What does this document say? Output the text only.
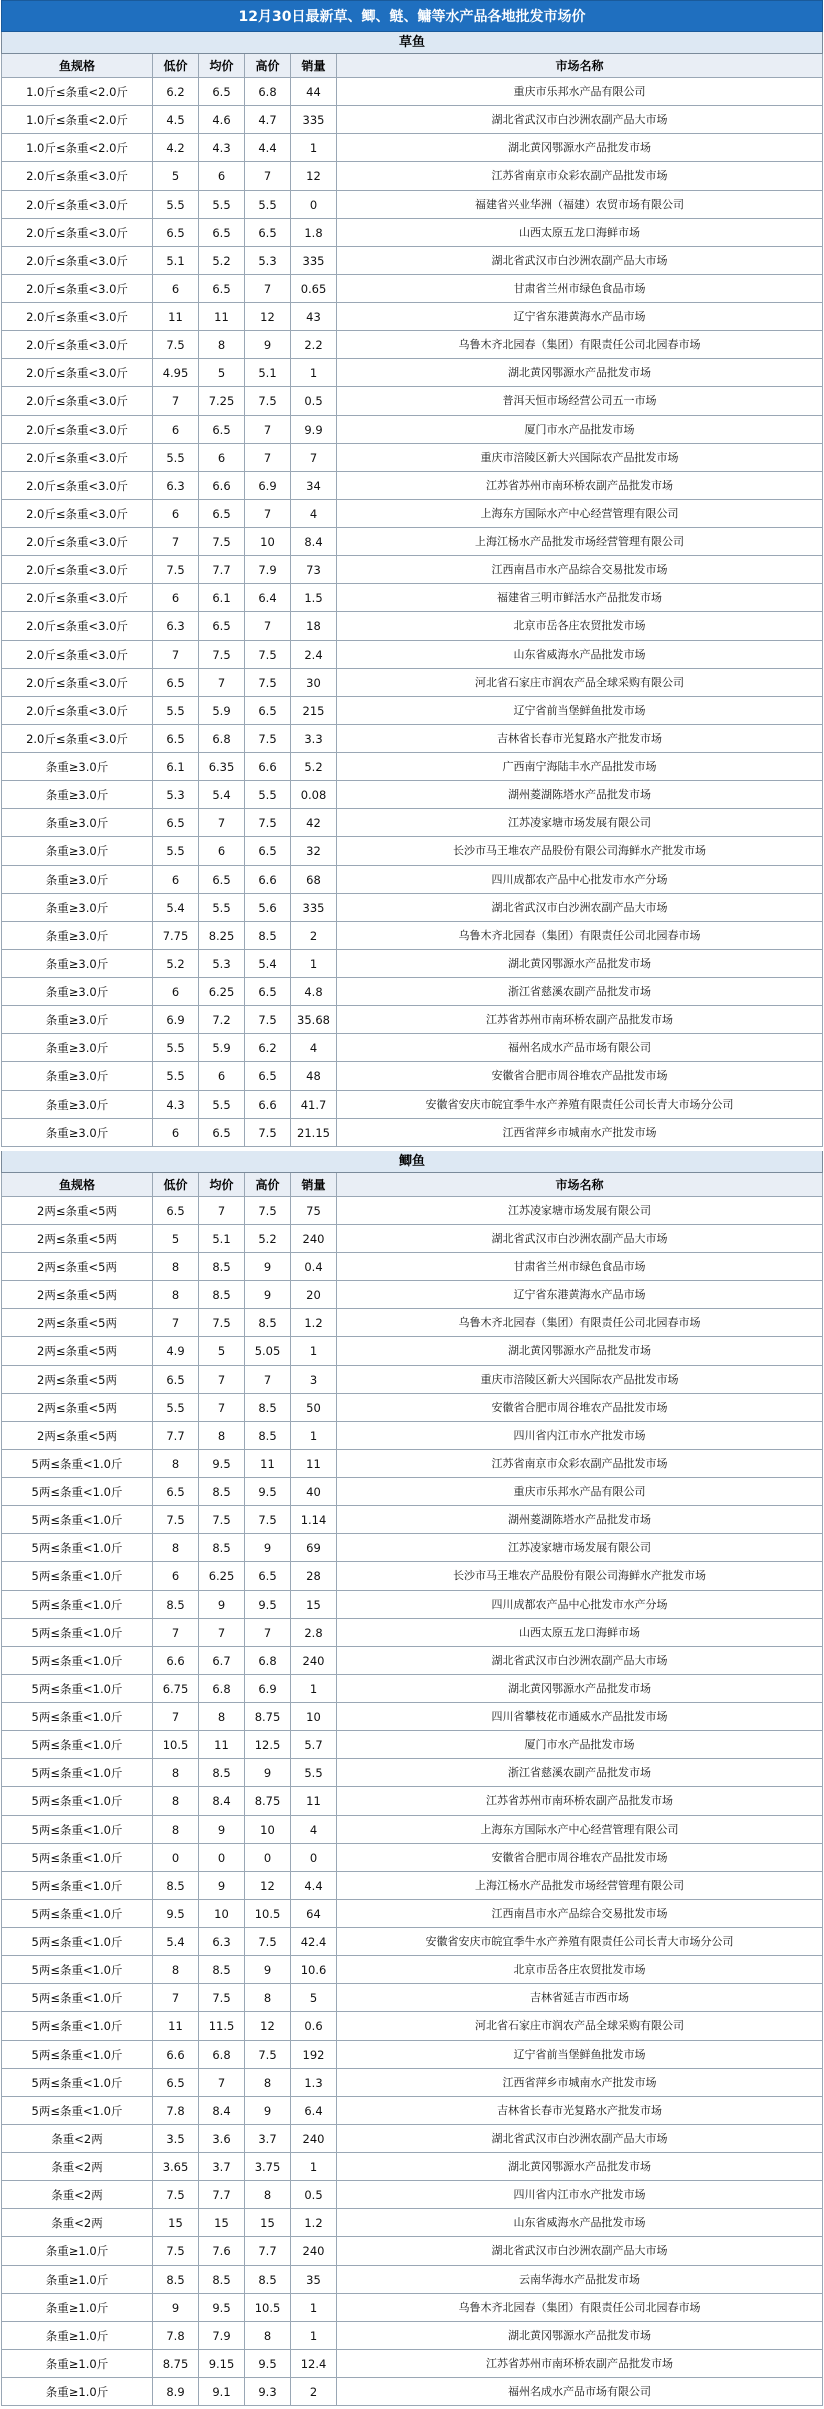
12月30日最新草、鲫、鲢、鳙等水产品各地批发市场价
草鱼
鱼规格	低价	均价	高价	销量	市场名称
1.0斤≤条重<2.0斤	6.2	6.5	6.8	44	重庆市乐邦水产品有限公司
1.0斤≤条重<2.0斤	4.5	4.6	4.7	335	湖北省武汉市白沙洲农副产品大市场
1.0斤≤条重<2.0斤	4.2	4.3	4.4	1	湖北黄冈鄂源水产品批发市场
2.0斤≤条重<3.0斤	5	6	7	12	江苏省南京市众彩农副产品批发市场
2.0斤≤条重<3.0斤	5.5	5.5	5.5	0	福建省兴业华洲（福建）农贸市场有限公司
2.0斤≤条重<3.0斤	6.5	6.5	6.5	1.8	山西太原五龙口海鲜市场
2.0斤≤条重<3.0斤	5.1	5.2	5.3	335	湖北省武汉市白沙洲农副产品大市场
2.0斤≤条重<3.0斤	6	6.5	7	0.65	甘肃省兰州市绿色食品市场
2.0斤≤条重<3.0斤	11	11	12	43	辽宁省东港黄海水产品市场
2.0斤≤条重<3.0斤	7.5	8	9	2.2	乌鲁木齐北园春（集团）有限责任公司北园春市场
2.0斤≤条重<3.0斤	4.95	5	5.1	1	湖北黄冈鄂源水产品批发市场
2.0斤≤条重<3.0斤	7	7.25	7.5	0.5	普洱天恒市场经营公司五一市场
2.0斤≤条重<3.0斤	6	6.5	7	9.9	厦门市水产品批发市场
2.0斤≤条重<3.0斤	5.5	6	7	7	重庆市涪陵区新大兴国际农产品批发市场
2.0斤≤条重<3.0斤	6.3	6.6	6.9	34	江苏省苏州市南环桥农副产品批发市场
2.0斤≤条重<3.0斤	6	6.5	7	4	上海东方国际水产中心经营管理有限公司
2.0斤≤条重<3.0斤	7	7.5	10	8.4	上海江杨水产品批发市场经营管理有限公司
2.0斤≤条重<3.0斤	7.5	7.7	7.9	73	江西南昌市水产品综合交易批发市场
2.0斤≤条重<3.0斤	6	6.1	6.4	1.5	福建省三明市鲜活水产品批发市场
2.0斤≤条重<3.0斤	6.3	6.5	7	18	北京市岳各庄农贸批发市场
2.0斤≤条重<3.0斤	7	7.5	7.5	2.4	山东省威海水产品批发市场
2.0斤≤条重<3.0斤	6.5	7	7.5	30	河北省石家庄市润农产品全球采购有限公司
2.0斤≤条重<3.0斤	5.5	5.9	6.5	215	辽宁省前当堡鲜鱼批发市场
2.0斤≤条重<3.0斤	6.5	6.8	7.5	3.3	吉林省长春市光复路水产批发市场
条重≥3.0斤	6.1	6.35	6.6	5.2	广西南宁海陆丰水产品批发市场
条重≥3.0斤	5.3	5.4	5.5	0.08	湖州菱湖陈塔水产品批发市场
条重≥3.0斤	6.5	7	7.5	42	江苏凌家塘市场发展有限公司
条重≥3.0斤	5.5	6	6.5	32	长沙市马王堆农产品股份有限公司海鲜水产批发市场
条重≥3.0斤	6	6.5	6.6	68	四川成都农产品中心批发市水产分场
条重≥3.0斤	5.4	5.5	5.6	335	湖北省武汉市白沙洲农副产品大市场
条重≥3.0斤	7.75	8.25	8.5	2	乌鲁木齐北园春（集团）有限责任公司北园春市场
条重≥3.0斤	5.2	5.3	5.4	1	湖北黄冈鄂源水产品批发市场
条重≥3.0斤	6	6.25	6.5	4.8	浙江省慈溪农副产品批发市场
条重≥3.0斤	6.9	7.2	7.5	35.68	江苏省苏州市南环桥农副产品批发市场
条重≥3.0斤	5.5	5.9	6.2	4	福州名成水产品市场有限公司
条重≥3.0斤	5.5	6	6.5	48	安徽省合肥市周谷堆农产品批发市场
条重≥3.0斤	4.3	5.5	6.6	41.7	安徽省安庆市皖宜季牛水产养殖有限责任公司长青大市场分公司
条重≥3.0斤	6	6.5	7.5	21.15	江西省萍乡市城南水产批发市场
鲫鱼
鱼规格	低价	均价	高价	销量	市场名称
2两≤条重<5两	6.5	7	7.5	75	江苏凌家塘市场发展有限公司
2两≤条重<5两	5	5.1	5.2	240	湖北省武汉市白沙洲农副产品大市场
2两≤条重<5两	8	8.5	9	0.4	甘肃省兰州市绿色食品市场
2两≤条重<5两	8	8.5	9	20	辽宁省东港黄海水产品市场
2两≤条重<5两	7	7.5	8.5	1.2	乌鲁木齐北园春（集团）有限责任公司北园春市场
2两≤条重<5两	4.9	5	5.05	1	湖北黄冈鄂源水产品批发市场
2两≤条重<5两	6.5	7	7	3	重庆市涪陵区新大兴国际农产品批发市场
2两≤条重<5两	5.5	7	8.5	50	安徽省合肥市周谷堆农产品批发市场
2两≤条重<5两	7.7	8	8.5	1	四川省内江市水产批发市场
5两≤条重<1.0斤	8	9.5	11	11	江苏省南京市众彩农副产品批发市场
5两≤条重<1.0斤	6.5	8.5	9.5	40	重庆市乐邦水产品有限公司
5两≤条重<1.0斤	7.5	7.5	7.5	1.14	湖州菱湖陈塔水产品批发市场
5两≤条重<1.0斤	8	8.5	9	69	江苏凌家塘市场发展有限公司
5两≤条重<1.0斤	6	6.25	6.5	28	长沙市马王堆农产品股份有限公司海鲜水产批发市场
5两≤条重<1.0斤	8.5	9	9.5	15	四川成都农产品中心批发市水产分场
5两≤条重<1.0斤	7	7	7	2.8	山西太原五龙口海鲜市场
5两≤条重<1.0斤	6.6	6.7	6.8	240	湖北省武汉市白沙洲农副产品大市场
5两≤条重<1.0斤	6.75	6.8	6.9	1	湖北黄冈鄂源水产品批发市场
5两≤条重<1.0斤	7	8	8.75	10	四川省攀枝花市通威水产品批发市场
5两≤条重<1.0斤	10.5	11	12.5	5.7	厦门市水产品批发市场
5两≤条重<1.0斤	8	8.5	9	5.5	浙江省慈溪农副产品批发市场
5两≤条重<1.0斤	8	8.4	8.75	11	江苏省苏州市南环桥农副产品批发市场
5两≤条重<1.0斤	8	9	10	4	上海东方国际水产中心经营管理有限公司
5两≤条重<1.0斤	0	0	0	0	安徽省合肥市周谷堆农产品批发市场
5两≤条重<1.0斤	8.5	9	12	4.4	上海江杨水产品批发市场经营管理有限公司
5两≤条重<1.0斤	9.5	10	10.5	64	江西南昌市水产品综合交易批发市场
5两≤条重<1.0斤	5.4	6.3	7.5	42.4	安徽省安庆市皖宜季牛水产养殖有限责任公司长青大市场分公司
5两≤条重<1.0斤	8	8.5	9	10.6	北京市岳各庄农贸批发市场
5两≤条重<1.0斤	7	7.5	8	5	吉林省延吉市西市场
5两≤条重<1.0斤	11	11.5	12	0.6	河北省石家庄市润农产品全球采购有限公司
5两≤条重<1.0斤	6.6	6.8	7.5	192	辽宁省前当堡鲜鱼批发市场
5两≤条重<1.0斤	6.5	7	8	1.3	江西省萍乡市城南水产批发市场
5两≤条重<1.0斤	7.8	8.4	9	6.4	吉林省长春市光复路水产批发市场
条重<2两	3.5	3.6	3.7	240	湖北省武汉市白沙洲农副产品大市场
条重<2两	3.65	3.7	3.75	1	湖北黄冈鄂源水产品批发市场
条重<2两	7.5	7.7	8	0.5	四川省内江市水产批发市场
条重<2两	15	15	15	1.2	山东省威海水产品批发市场
条重≥1.0斤	7.5	7.6	7.7	240	湖北省武汉市白沙洲农副产品大市场
条重≥1.0斤	8.5	8.5	8.5	35	云南华海水产品批发市场
条重≥1.0斤	9	9.5	10.5	1	乌鲁木齐北园春（集团）有限责任公司北园春市场
条重≥1.0斤	7.8	7.9	8	1	湖北黄冈鄂源水产品批发市场
条重≥1.0斤	8.75	9.15	9.5	12.4	江苏省苏州市南环桥农副产品批发市场
条重≥1.0斤	8.9	9.1	9.3	2	福州名成水产品市场有限公司
